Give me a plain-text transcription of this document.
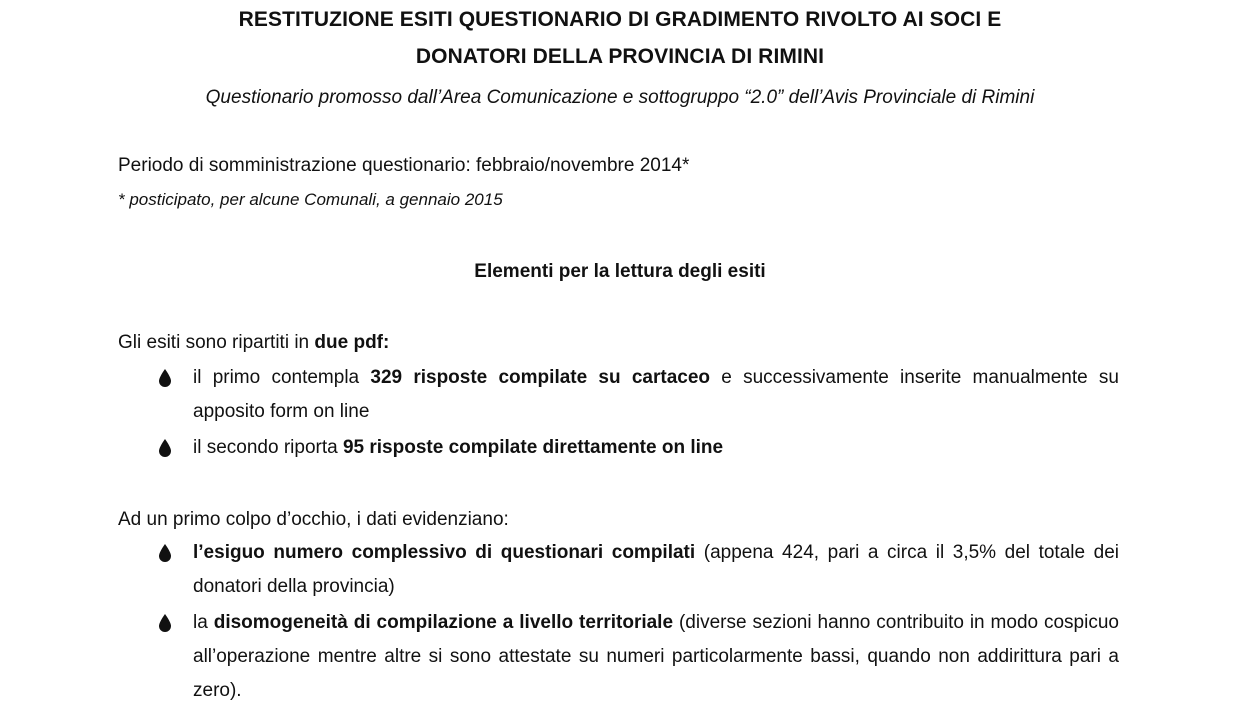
RESTITUZIONE ESITI QUESTIONARIO DI GRADIMENTO RIVOLTO AI SOCI E
DONATORI DELLA PROVINCIA DI RIMINI
Questionario promosso dall’Area Comunicazione e sottogruppo “2.0” dell’Avis Provinciale di Rimini
Periodo di somministrazione questionario: febbraio/novembre 2014*
* posticipato, per alcune Comunali, a gennaio 2015
Elementi per la lettura degli esiti
Gli esiti sono ripartiti in due pdf:
il primo contempla 329 risposte compilate su cartaceo e successivamente inserite manualmente su apposito form on line
il secondo riporta 95 risposte compilate direttamente on line
Ad un primo colpo d’occhio, i dati evidenziano:
l’esiguo numero complessivo di questionari compilati (appena 424, pari a circa il 3,5% del totale dei donatori della provincia)
la disomogeneità di compilazione a livello territoriale (diverse sezioni hanno contribuito in modo cospicuo all’operazione mentre altre si sono attestate su numeri particolarmente bassi, quando non addirittura pari a zero).
